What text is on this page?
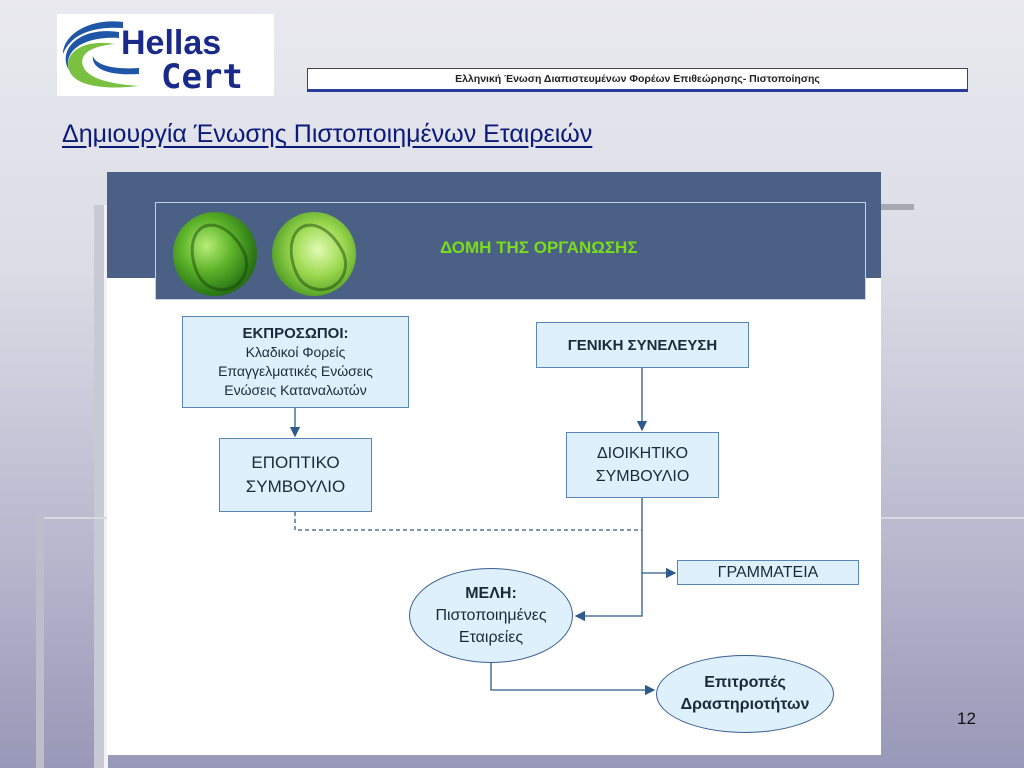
Hellas
Cert	Ελληνική Ένωση Διαπιστευμένων Φορέων Επιθεώρησης- Πιστοποίησης
Δημιουργία Ένωσης Πιστοποιημένων Εταιρειών
ΔΟΜΗ ΤΗΣ ΟΡΓΑΝΩΣΗΣ
ΕΚΠΡΟΣΩΠΟΙ:
Κλαδικοί Φορείς
Επαγγελματικές Ενώσεις
Ενώσεις Καταναλωτών
ΓΕΝΙΚΗ ΣΥΝΕΛΕΥΣΗ
ΕΠΟΠΤΙΚΟ
ΣΥΜΒΟΥΛΙΟ
ΔΙΟΙΚΗΤΙΚΟ
ΣΥΜΒΟΥΛΙΟ
ΓΡΑΜΜΑΤΕΙΑ
ΜΕΛΗ:
Πιστοποιημένες
Εταιρείες
Επιτροπές
Δραστηριοτήτων
12
